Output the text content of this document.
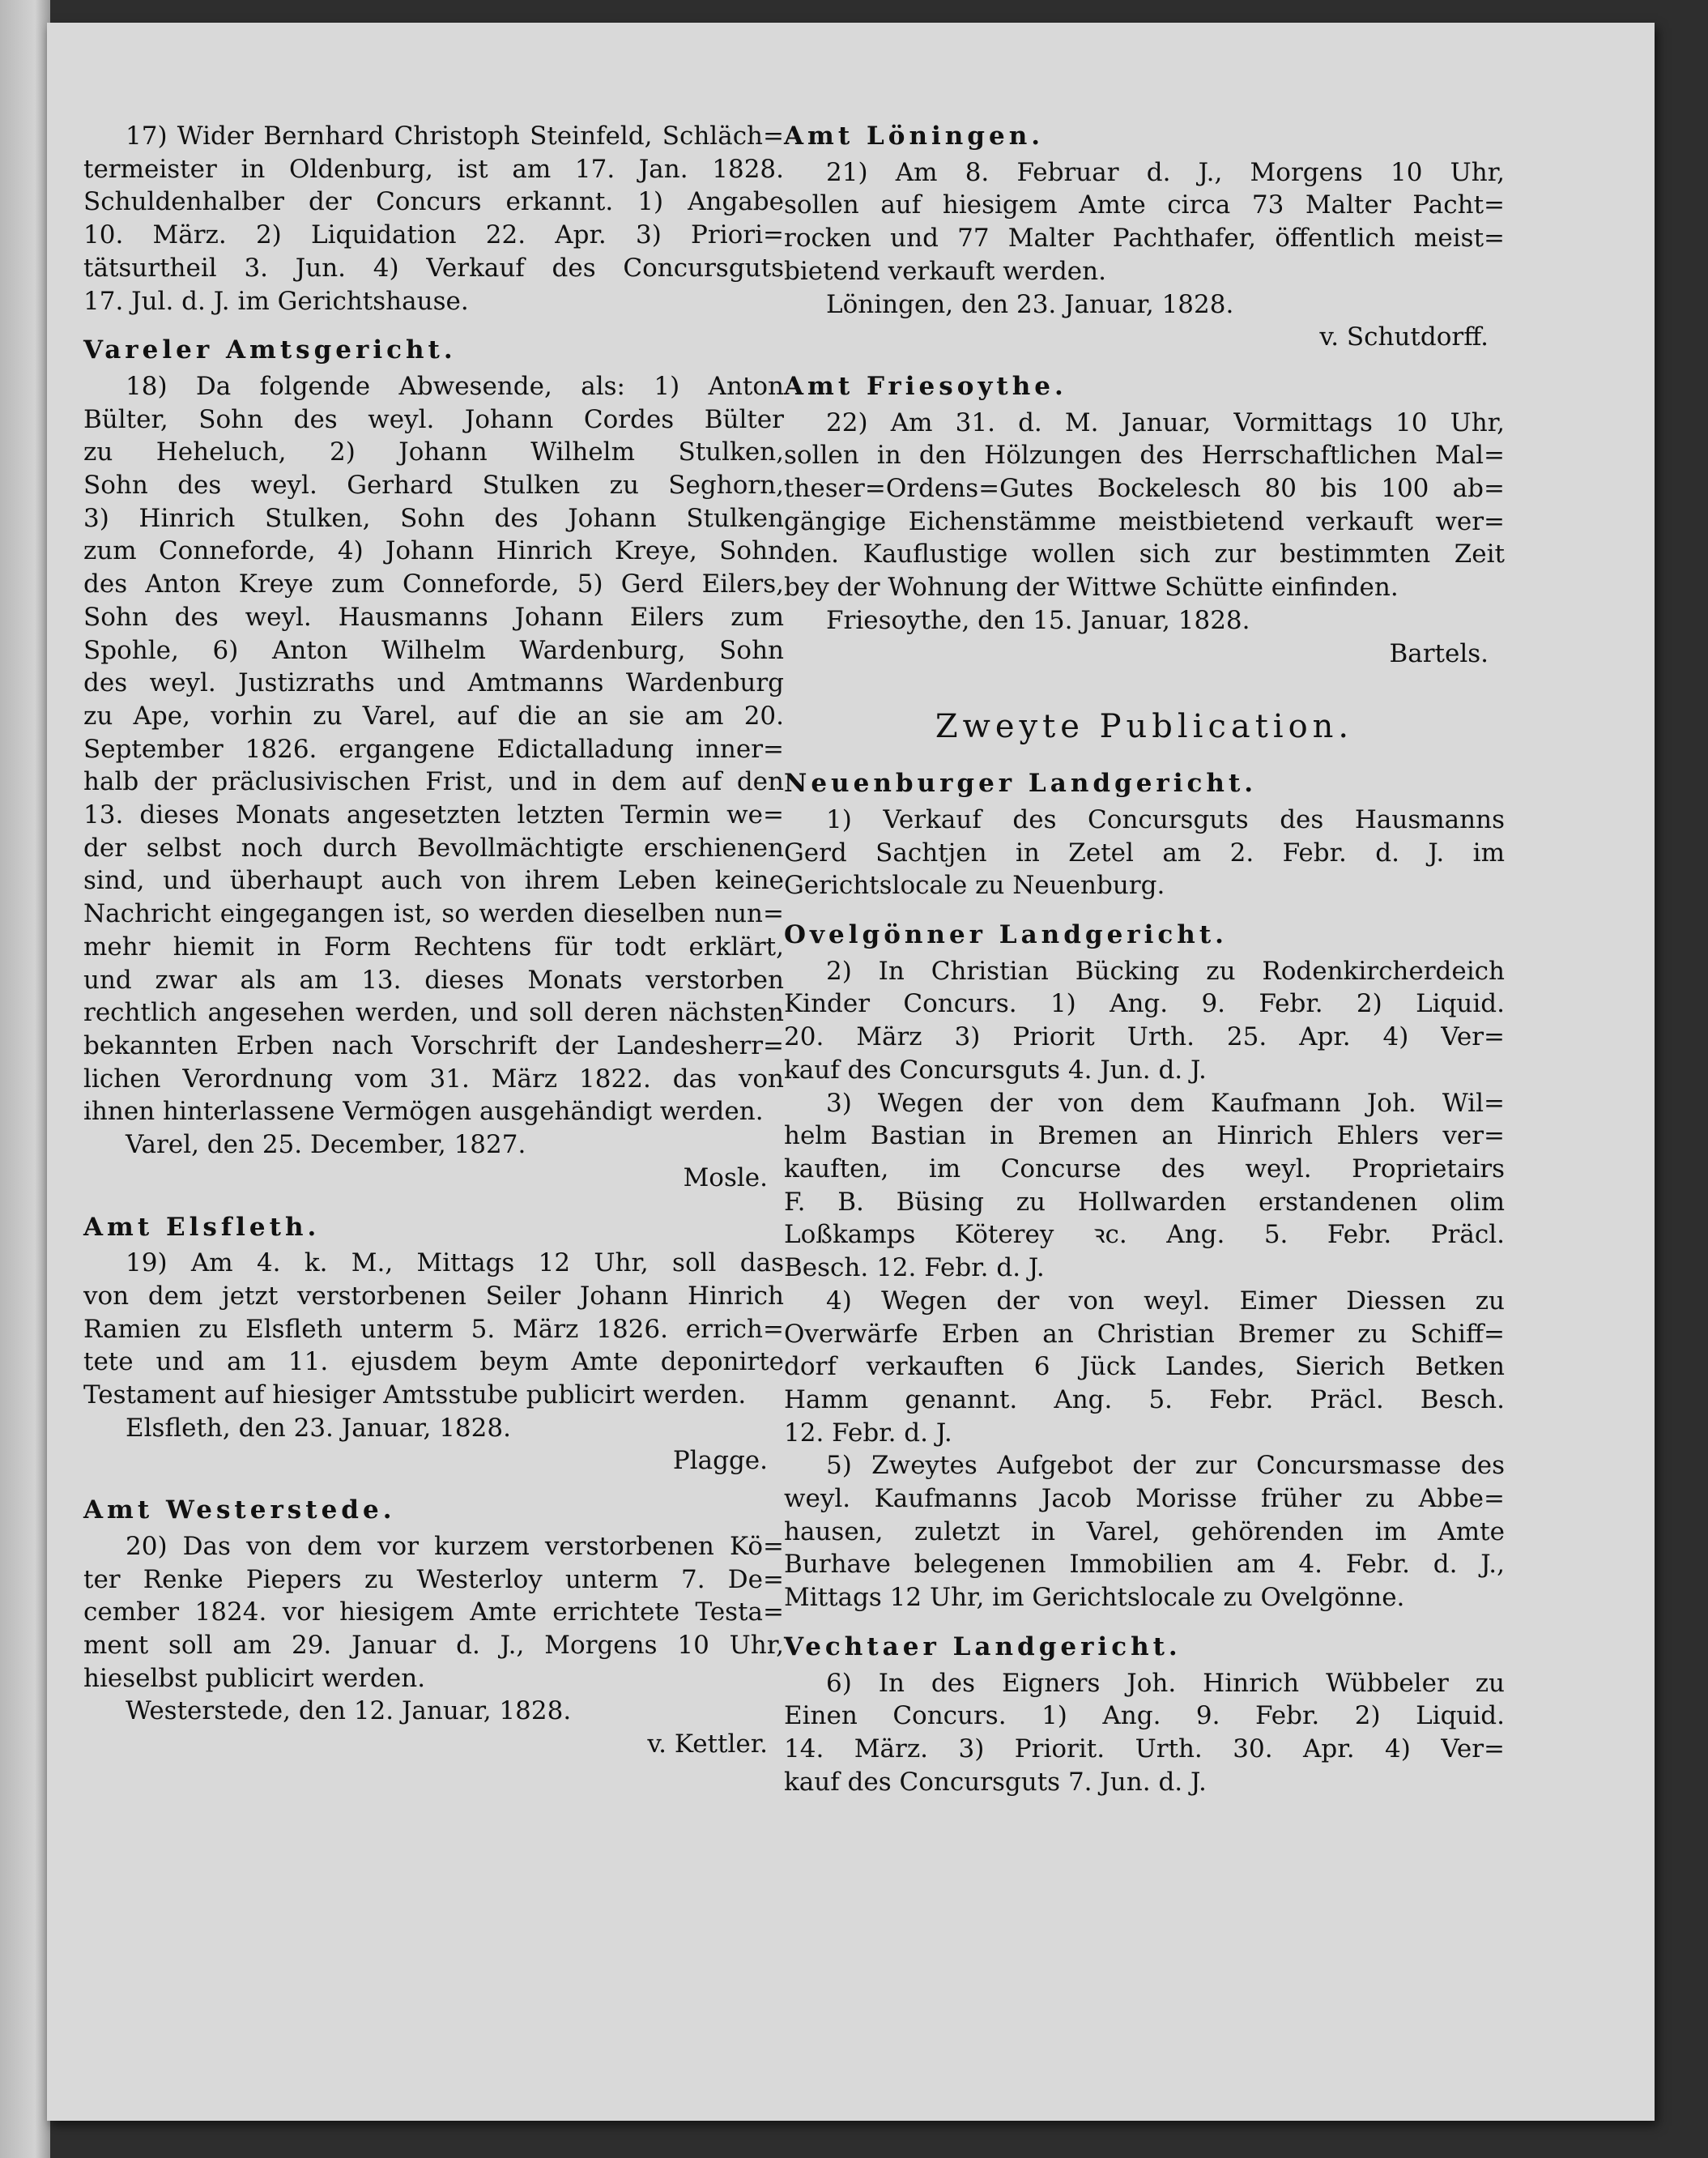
17) Wider Bernhard Christoph Steinfeld, Schläch=
termeister in Oldenburg, ist am 17. Jan. 1828.
Schuldenhalber der Concurs erkannt. 1) Angabe
10. März. 2) Liquidation 22. Apr. 3) Priori=
tätsurtheil 3. Jun. 4) Verkauf des Concursguts
17. Jul. d. J. im Gerichtshause.
Vareler Amtsgericht.
18) Da folgende Abwesende, als: 1) Anton
Bülter, Sohn des weyl. Johann Cordes Bülter
zu Heheluch, 2) Johann Wilhelm Stulken,
Sohn des weyl. Gerhard Stulken zu Seghorn,
3) Hinrich Stulken, Sohn des Johann Stulken
zum Conneforde, 4) Johann Hinrich Kreye, Sohn
des Anton Kreye zum Conneforde, 5) Gerd Eilers,
Sohn des weyl. Hausmanns Johann Eilers zum
Spohle, 6) Anton Wilhelm Wardenburg, Sohn
des weyl. Justizraths und Amtmanns Wardenburg
zu Ape, vorhin zu Varel, auf die an sie am 20.
September 1826. ergangene Edictalladung inner=
halb der präclusivischen Frist, und in dem auf den
13. dieses Monats angesetzten letzten Termin we=
der selbst noch durch Bevollmächtigte erschienen
sind, und überhaupt auch von ihrem Leben keine
Nachricht eingegangen ist, so werden dieselben nun=
mehr hiemit in Form Rechtens für todt erklärt,
und zwar als am 13. dieses Monats verstorben
rechtlich angesehen werden, und soll deren nächsten
bekannten Erben nach Vorschrift der Landesherr=
lichen Verordnung vom 31. März 1822. das von
ihnen hinterlassene Vermögen ausgehändigt werden.
Varel, den 25. December, 1827.
Mosle.
Amt Elsfleth.
19) Am 4. k. M., Mittags 12 Uhr, soll das
von dem jetzt verstorbenen Seiler Johann Hinrich
Ramien zu Elsfleth unterm 5. März 1826. errich=
tete und am 11. ejusdem beym Amte deponirte
Testament auf hiesiger Amtsstube publicirt werden.
Elsfleth, den 23. Januar, 1828.
Plagge.
Amt Westerstede.
20) Das von dem vor kurzem verstorbenen Kö=
ter Renke Piepers zu Westerloy unterm 7. De=
cember 1824. vor hiesigem Amte errichtete Testa=
ment soll am 29. Januar d. J., Morgens 10 Uhr,
hieselbst publicirt werden.
Westerstede, den 12. Januar, 1828.
v. Kettler.
Amt Löningen.
21) Am 8. Februar d. J., Morgens 10 Uhr,
sollen auf hiesigem Amte circa 73 Malter Pacht=
rocken und 77 Malter Pachthafer, öffentlich meist=
bietend verkauft werden.
Löningen, den 23. Januar, 1828.
v. Schutdorff.
Amt Friesoythe.
22) Am 31. d. M. Januar, Vormittags 10 Uhr,
sollen in den Hölzungen des Herrschaftlichen Mal=
theser=Ordens=Gutes Bockelesch 80 bis 100 ab=
gängige Eichenstämme meistbietend verkauft wer=
den. Kauflustige wollen sich zur bestimmten Zeit
bey der Wohnung der Wittwe Schütte einfinden.
Friesoythe, den 15. Januar, 1828.
Bartels.
Zweyte Publication.
Neuenburger Landgericht.
1) Verkauf des Concursguts des Hausmanns
Gerd Sachtjen in Zetel am 2. Febr. d. J. im
Gerichtslocale zu Neuenburg.
Ovelgönner Landgericht.
2) In Christian Bücking zu Rodenkircherdeich
Kinder Concurs. 1) Ang. 9. Febr. 2) Liquid.
20. März 3) Priorit Urth. 25. Apr. 4) Ver=
kauf des Concursguts 4. Jun. d. J.
3) Wegen der von dem Kaufmann Joh. Wil=
helm Bastian in Bremen an Hinrich Ehlers ver=
kauften, im Concurse des weyl. Proprietairs
F. B. Büsing zu Hollwarden erstandenen olim
Loßkamps Köterey ꝛc. Ang. 5. Febr. Präcl.
Besch. 12. Febr. d. J.
4) Wegen der von weyl. Eimer Diessen zu
Overwärfe Erben an Christian Bremer zu Schiff=
dorf verkauften 6 Jück Landes, Sierich Betken
Hamm genannt. Ang. 5. Febr. Präcl. Besch.
12. Febr. d. J.
5) Zweytes Aufgebot der zur Concursmasse des
weyl. Kaufmanns Jacob Morisse früher zu Abbe=
hausen, zuletzt in Varel, gehörenden im Amte
Burhave belegenen Immobilien am 4. Febr. d. J.,
Mittags 12 Uhr, im Gerichtslocale zu Ovelgönne.
Vechtaer Landgericht.
6) In des Eigners Joh. Hinrich Wübbeler zu
Einen Concurs. 1) Ang. 9. Febr. 2) Liquid.
14. März. 3) Priorit. Urth. 30. Apr. 4) Ver=
kauf des Concursguts 7. Jun. d. J.
